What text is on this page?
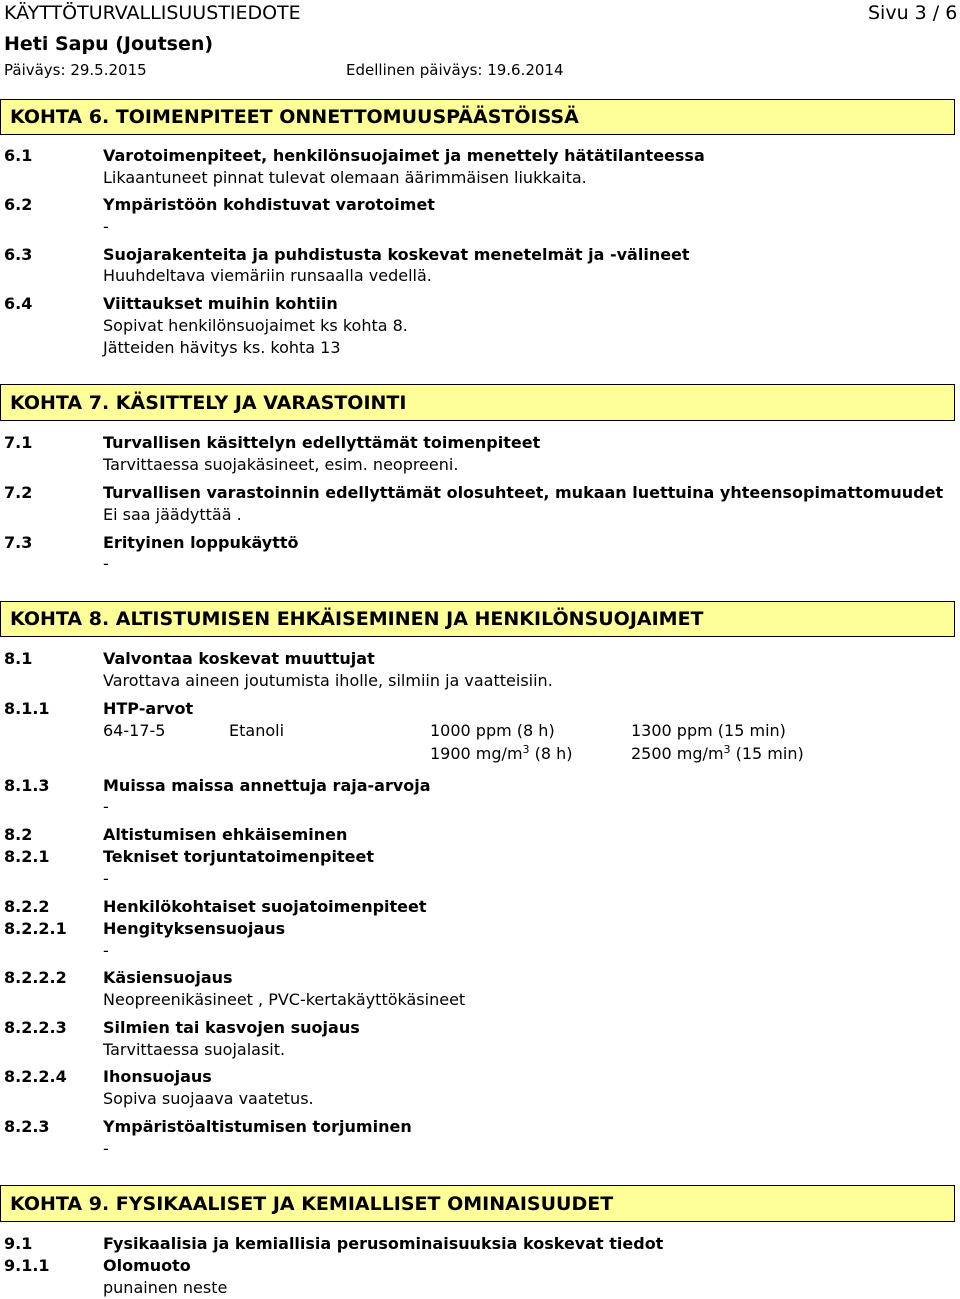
KÄYTTÖTURVALLISUUSTIEDOTE	Sivu 3 / 6
Heti Sapu (Joutsen)
Päiväys: 29.5.2015	Edellinen päiväys: 19.6.2014
KOHTA 6. TOIMENPITEET ONNETTOMUUSPÄÄSTÖISSÄ
6.1	Varotoimenpiteet, henkilönsuojaimet ja menettely hätätilanteessa
Likaantuneet pinnat tulevat olemaan äärimmäisen liukkaita.
6.2	Ympäristöön kohdistuvat varotoimet
-
6.3	Suojarakenteita ja puhdistusta koskevat menetelmät ja -välineet
Huuhdeltava viemäriin runsaalla vedellä.
6.4	Viittaukset muihin kohtiin
Sopivat henkilönsuojaimet ks kohta 8.
Jätteiden hävitys ks. kohta 13
KOHTA 7. KÄSITTELY JA VARASTOINTI
7.1	Turvallisen käsittelyn edellyttämät toimenpiteet
Tarvittaessa suojakäsineet, esim. neopreeni.
7.2	Turvallisen varastoinnin edellyttämät olosuhteet, mukaan luettuina yhteensopimattomuudet
Ei saa jäädyttää .
7.3	Erityinen loppukäyttö
-
KOHTA 8. ALTISTUMISEN EHKÄISEMINEN JA HENKILÖNSUOJAIMET
8.1	Valvontaa koskevat muuttujat
Varottava aineen joutumista iholle, silmiin ja vaatteisiin.
8.1.1	HTP-arvot
64-17-5	Etanoli	1000 ppm (8 h)	1300 ppm (15 min)
1900 $mg/m^3$ (8 h)	2500 $mg/m^3$ (15 min)
8.1.3	Muissa maissa annettuja raja-arvoja
-
8.2	Altistumisen ehkäiseminen
8.2.1	Tekniset torjuntatoimenpiteet
-
8.2.2	Henkilökohtaiset suojatoimenpiteet
8.2.2.1 Hengityksensuojaus
-
8.2.2.2 Käsiensuojaus
Neopreenikäsineet , PVC-kertakäyttökäsineet
8.2.2.3 Silmien tai kasvojen suojaus
Tarvittaessa suojalasit.
8.2.2.4 Ihonsuojaus
Sopiva suojaava vaatetus.
8.2.3	Ympäristöaltistumisen torjuminen
-
KOHTA 9. FYSIKAALISET JA KEMIALLISET OMINAISUUDET
9.1	Fysikaalisia ja kemiallisia perusominaisuuksia koskevat tiedot
9.1.1	Olomuoto
punainen neste
